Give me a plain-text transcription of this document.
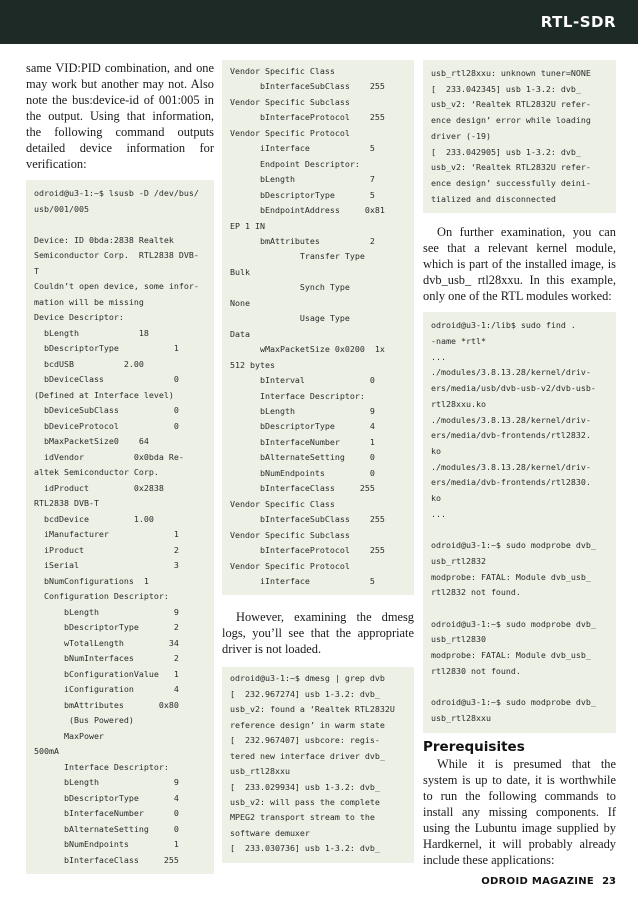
RTL-SDR

same VID:PID combination, and one may work but another may not. Also note the bus:device-id of 001:005 in the output. Using that information, the following command outputs detailed device information for verification:

odroid@u3-1:~$ lsusb -D /dev/bus/
usb/001/005

Device: ID 0bda:2838 Realtek
Semiconductor Corp.  RTL2838 DVB-
T
Couldn’t open device, some infor-
mation will be missing
Device Descriptor:
bLength            18
bDescriptorType           1
bcdUSB          2.00
bDeviceClass              0
(Defined at Interface level)
bDeviceSubClass           0
bDeviceProtocol           0
bMaxPacketSize0    64
idVendor          0x0bda Re-
altek Semiconductor Corp.
idProduct         0x2838
RTL2838 DVB-T
bcdDevice         1.00
iManufacturer             1
iProduct                  2
iSerial                   3
bNumConfigurations  1
Configuration Descriptor:
bLength               9
bDescriptorType       2
wTotalLength         34
bNumInterfaces        2
bConfigurationValue   1
iConfiguration        4
bmAttributes       0x80
(Bus Powered)
MaxPower
500mA
Interface Descriptor:
bLength               9
bDescriptorType       4
bInterfaceNumber      0
bAlternateSetting     0
bNumEndpoints         1
bInterfaceClass     255
Vendor Specific Class
bInterfaceSubClass    255
Vendor Specific Subclass
bInterfaceProtocol    255
Vendor Specific Protocol
iInterface            5
Endpoint Descriptor:
bLength               7
bDescriptorType       5
bEndpointAddress     0x81
EP 1 IN
bmAttributes          2
Transfer Type
Bulk
Synch Type
None
Usage Type
Data
wMaxPacketSize 0x0200  1x
512 bytes
bInterval             0
Interface Descriptor:
bLength               9
bDescriptorType       4
bInterfaceNumber      1
bAlternateSetting     0
bNumEndpoints         0
bInterfaceClass     255
Vendor Specific Class
bInterfaceSubClass    255
Vendor Specific Subclass
bInterfaceProtocol    255
Vendor Specific Protocol
iInterface            5

However, examining the dmesg logs, you’ll see that the appropriate driver is not loaded.

odroid@u3-1:~$ dmesg | grep dvb
[  232.967274] usb 1-3.2: dvb_
usb_v2: found a ‘Realtek RTL2832U
reference design’ in warm state
[  232.967407] usbcore: regis-
tered new interface driver dvb_
usb_rtl28xxu
[  233.029934] usb 1-3.2: dvb_
usb_v2: will pass the complete
MPEG2 transport stream to the
software demuxer
[  233.030736] usb 1-3.2: dvb_
usb_rtl28xxu: unknown tuner=NONE
[  233.042345] usb 1-3.2: dvb_
usb_v2: ‘Realtek RTL2832U refer-
ence design’ error while loading
driver (-19)
[  233.042905] usb 1-3.2: dvb_
usb_v2: ‘Realtek RTL2832U refer-
ence design’ successfully deini-
tialized and disconnected

On further examination, you can see that a relevant kernel module, which is part of the installed image, is dvb_usb_ rtl28xxu. In this example, only one of the RTL modules worked:

odroid@u3-1:/lib$ sudo find .
-name *rtl*
...
./modules/3.8.13.28/kernel/driv-
ers/media/usb/dvb-usb-v2/dvb-usb-
rtl28xxu.ko
./modules/3.8.13.28/kernel/driv-
ers/media/dvb-frontends/rtl2832.
ko
./modules/3.8.13.28/kernel/driv-
ers/media/dvb-frontends/rtl2830.
ko
...

odroid@u3-1:~$ sudo modprobe dvb_
usb_rtl2832
modprobe: FATAL: Module dvb_usb_
rtl2832 not found.

odroid@u3-1:~$ sudo modprobe dvb_
usb_rtl2830
modprobe: FATAL: Module dvb_usb_
rtl2830 not found.

odroid@u3-1:~$ sudo modprobe dvb_
usb_rtl28xxu
Prerequisites

While it is presumed that the system is up to date, it is worthwhile to run the following commands to install any missing components. If using the Lubuntu image supplied by Hardkernel, it will probably already include these applications:

ODROID MAGAZINE 23
